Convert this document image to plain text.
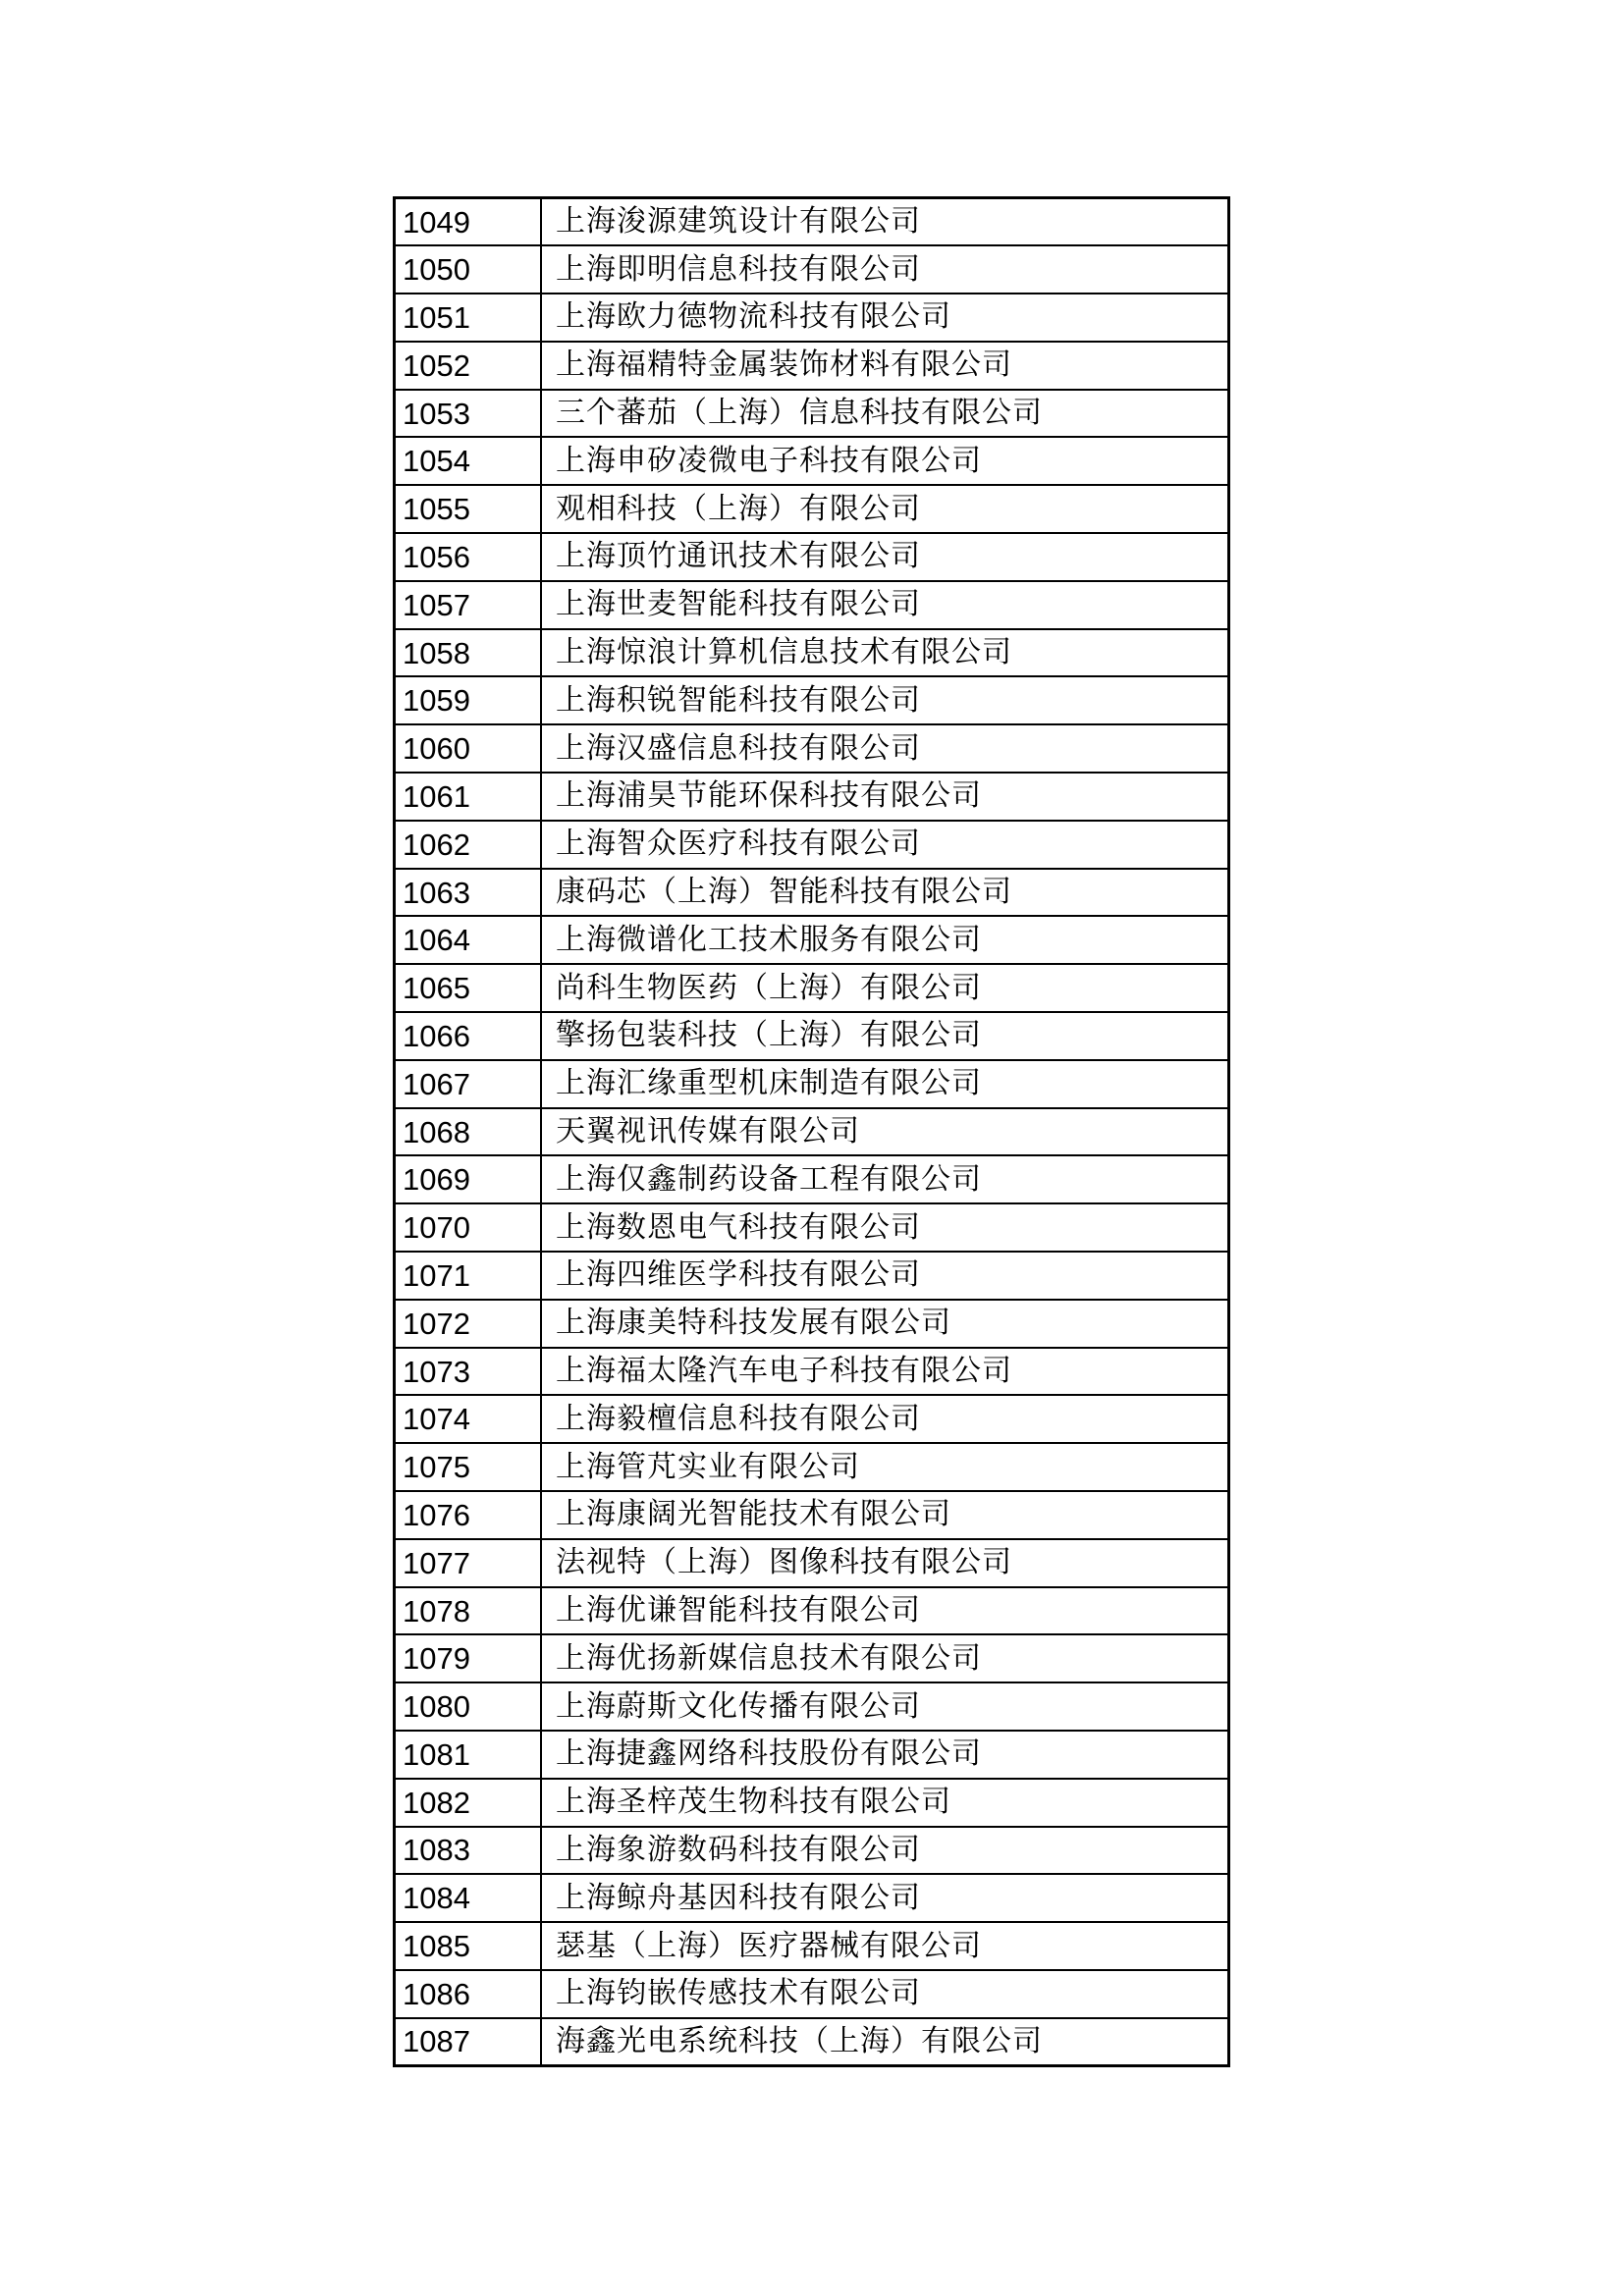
1049	上海浚源建筑设计有限公司
1050	上海即明信息科技有限公司
1051	上海欧力德物流科技有限公司
1052	上海福精特金属装饰材料有限公司
1053	三个蕃茄（上海）信息科技有限公司
1054	上海申矽凌微电子科技有限公司
1055	观相科技（上海）有限公司
1056	上海顶竹通讯技术有限公司
1057	上海世麦智能科技有限公司
1058	上海惊浪计算机信息技术有限公司
1059	上海积锐智能科技有限公司
1060	上海汉盛信息科技有限公司
1061	上海浦昊节能环保科技有限公司
1062	上海智众医疗科技有限公司
1063	康码芯（上海）智能科技有限公司
1064	上海微谱化工技术服务有限公司
1065	尚科生物医药（上海）有限公司
1066	擎扬包装科技（上海）有限公司
1067	上海汇缘重型机床制造有限公司
1068	天翼视讯传媒有限公司
1069	上海仅鑫制药设备工程有限公司
1070	上海数恩电气科技有限公司
1071	上海四维医学科技有限公司
1072	上海康美特科技发展有限公司
1073	上海福太隆汽车电子科技有限公司
1074	上海毅檀信息科技有限公司
1075	上海管芃实业有限公司
1076	上海康阔光智能技术有限公司
1077	法视特（上海）图像科技有限公司
1078	上海优谦智能科技有限公司
1079	上海优扬新媒信息技术有限公司
1080	上海蔚斯文化传播有限公司
1081	上海捷鑫网络科技股份有限公司
1082	上海圣梓茂生物科技有限公司
1083	上海象游数码科技有限公司
1084	上海鲸舟基因科技有限公司
1085	瑟基（上海）医疗器械有限公司
1086	上海钧嵌传感技术有限公司
1087	海鑫光电系统科技（上海）有限公司
